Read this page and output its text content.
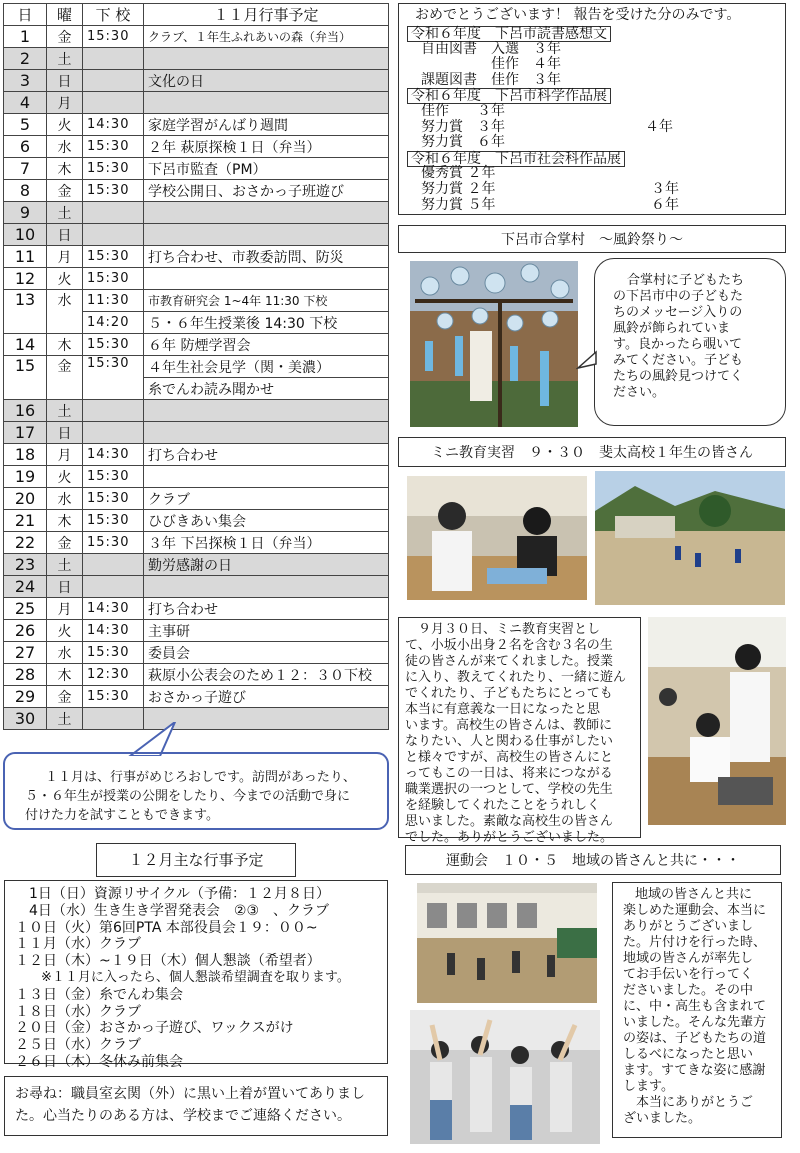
日	曜	下 校	１１月行事予定
1	金	15:30	クラブ、１年生ふれあいの森（弁当）
2	土		
3	日		文化の日
4	月		
5	火	14:30	家庭学習がんばり週間
6	水	15:30	２年 萩原探検１日（弁当）
7	木	15:30	下呂市監査（PM）
8	金	15:30	学校公開日、おさかっ子班遊び
9	土		
10	日		
11	月	15:30	打ち合わせ、市教委訪問、防災
12	火	15:30	
13	水	11:30	市教育研究会 1~4年 11:30 下校
		14:20	５・６年生授業後 14:30 下校
14	木	15:30	６年 防煙学習会
15	金	15:30	４年生社会見学（関・美濃）
			糸でんわ読み聞かせ
16	土		
17	日		
18	月	14:30	打ち合わせ
19	火	15:30	
20	水	15:30	クラブ
21	木	15:30	ひびきあい集会
22	金	15:30	３年 下呂探検１日（弁当）
23	土		勤労感謝の日
24	日		
25	月	14:30	打ち合わせ
26	火	14:30	主事研
27	水	15:30	委員会
28	木	12:30	萩原小公表会のため１２：３０下校
29	金	15:30	おさかっ子遊び
30	土		
１１月は、行事がめじろおしです。訪問があったり、
５・６年生が授業の公開をしたり、今までの活動で身に
付けた力を試すこともできます。
１２月主な行事予定
　1日（日）資源リサイクル（予備：１２月８日）
　4日（水）生き生き学習発表会　②③　、クラブ
１０日（火）第6回PTA 本部役員会１９：００~
１１月（水）クラブ
１２日（木）~１９日（木）個人懇談（希望者）
　　※１１月に入ったら、個人懇談希望調査を取ります。
１３日（金）糸でんわ集会
１８日（水）クラブ
２０日（金）おさかっ子遊び、ワックスがけ
２５日（水）クラブ
２６日（木）冬休み前集会
お尋ね：職員室玄関（外）に黒い上着が置いてありまし
た。心当たりのある方は、学校までご連絡ください。
おめでとうございます！ 報告を受けた分のみです。
令和６年度　下呂市読書感想文
　自由図書　入選　３年
　　　　　　佳作　４年
　課題図書　佳作　３年
令和６年度　下呂市科学作品展
　佳作　　３年
　努力賞　３年	４年
　努力賞　６年
令和６年度　下呂市社会科作品展
　優秀賞 ２年
　努力賞 ２年	３年
　努力賞 ５年	６年
下呂市合掌村　～風鈴祭り～
合掌村に子どもたち
の下呂市中の子どもた
ちのメッセージ入りの
風鈴が飾られていま
す。良かったら覗いて
みてください。子ども
たちの風鈴見つけてく
ださい。
ミニ教育実習　９・３０　斐太高校１年生の皆さん
　９月３０日、ミニ教育実習とし
て、小坂小出身２名を含む３名の生
徒の皆さんが来てくれました。授業
に入り、教えてくれたり、一緒に遊ん
でくれたり、子どもたちにとっても
本当に有意義な一日になったと思
います。高校生の皆さんは、教師に
なりたい、人と関わる仕事がしたい
と様々ですが、高校生の皆さんにと
ってもこの一日は、将来につながる
職業選択の一つとして、学校の先生
を経験してくれたことをうれしく
思いました。素敵な高校生の皆さん
でした。ありがとうございました。
運動会　１０・５　地域の皆さんと共に・・・
地域の皆さんと共に
楽しめた運動会、本当に
ありがとうございまし
た。片付けを行った時、
地域の皆さんが率先し
てお手伝いを行ってく
ださいました。その中
に、中・高生も含まれて
いました。そんな先輩方
の姿は、子どもたちの道
しるべになったと思い
ます。すてきな姿に感謝
します。
　本当にありがとうご
ざいました。
